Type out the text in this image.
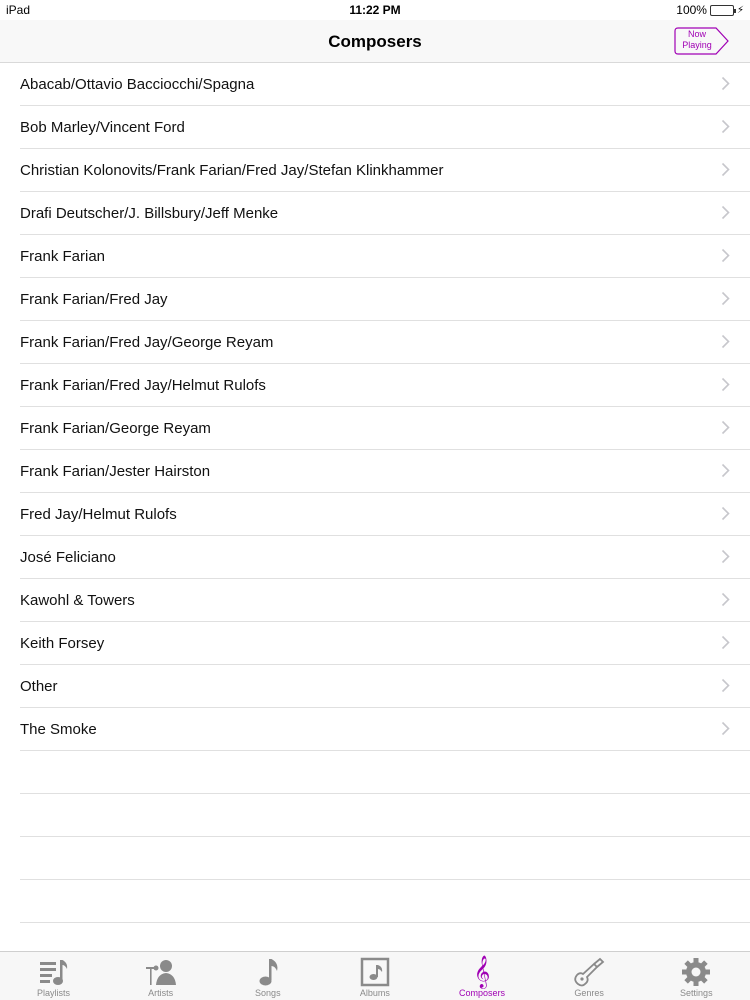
iPad	11:22 PM	100%	⚡
Composers	Now
Playing
Abacab/Ottavio Bacciocchi/Spagna
Bob Marley/Vincent Ford
Christian Kolonovits/Frank Farian/Fred Jay/Stefan Klinkhammer
Drafi Deutscher/J. Billsbury/Jeff Menke
Frank Farian
Frank Farian/Fred Jay
Frank Farian/Fred Jay/George Reyam
Frank Farian/Fred Jay/Helmut Rulofs
Frank Farian/George Reyam
Frank Farian/Jester Hairston
Fred Jay/Helmut Rulofs
José Feliciano
Kawohl & Towers
Keith Forsey
Other
The Smoke
Playlists	Artists	Songs	Albums
𝄞
Composers	Genres	Settings
